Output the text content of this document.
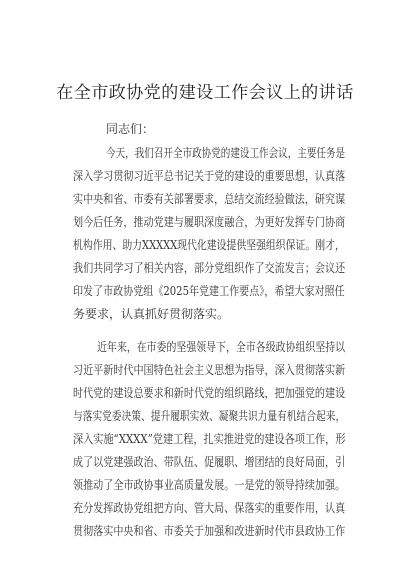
在全市政协党的建设工作会议上的讲话
同志们：
今天，我们召开全市政协党的建设工作会议，主要任务是
深入学习贯彻习近平总书记关于党的建设的重要思想，认真落
实中央和省、市委有关部署要求，总结交流经验做法，研究谋
划今后任务，推动党建与履职深度融合，为更好发挥专门协商
机构作用、助力XXXXX现代化建设提供坚强组织保证。刚才，
我们共同学习了相关内容，部分党组织作了交流发言；会议还
印发了市政协党组《2025年党建工作要点》，希望大家对照任
务要求，认真抓好贯彻落实。
近年来，在市委的坚强领导下，全市各级政协组织坚持以
习近平新时代中国特色社会主义思想为指导，深入贯彻落实新
时代党的建设总要求和新时代党的组织路线，把加强党的建设
与落实党委决策、提升履职实效、凝聚共识力量有机结合起来，
深入实施“XXXX”党建工程，扎实推进党的建设各项工作，形
成了以党建强政治、带队伍、促履职、增团结的良好局面，引
领推动了全市政协事业高质量发展。一是党的领导持续加强。
充分发挥政协党组把方向、管大局、保落实的重要作用，认真
贯彻落实中央和省、市委关于加强和改进新时代市县政协工作
